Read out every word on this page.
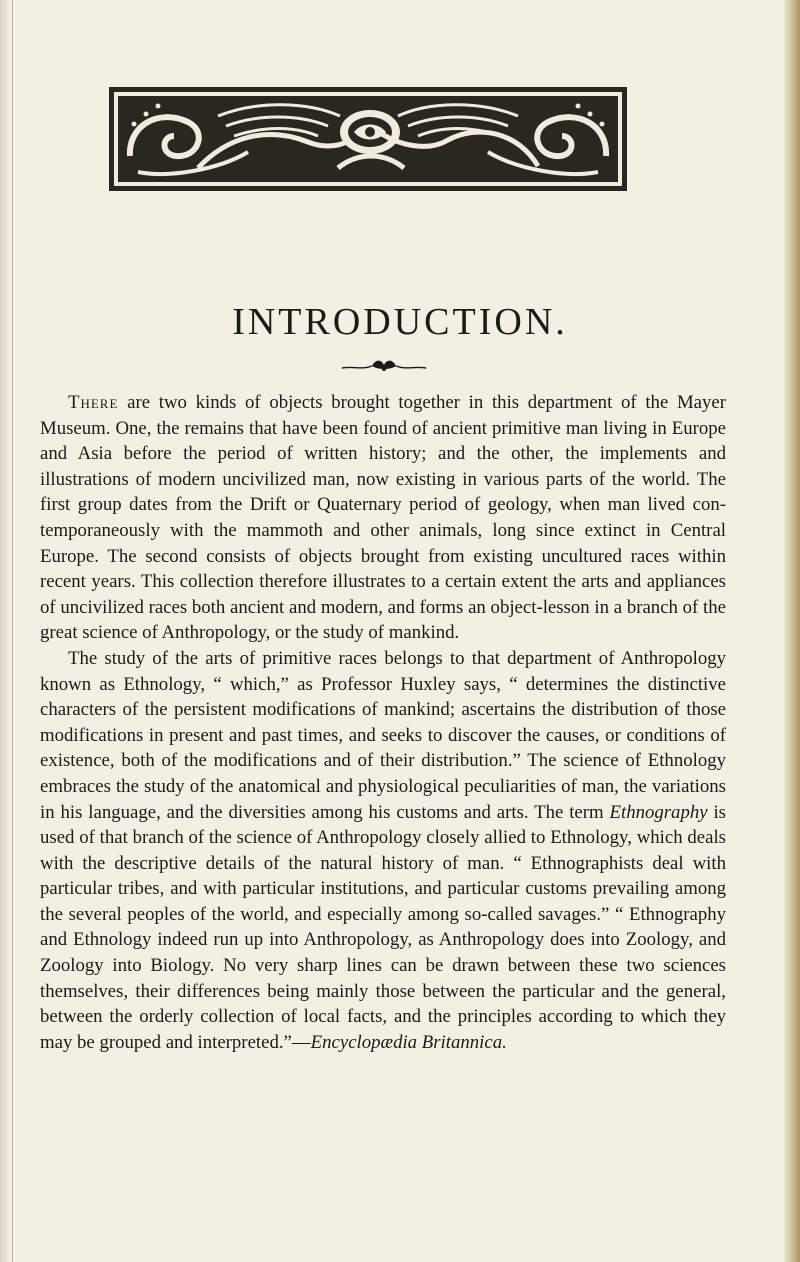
INTRODUCTION.

There are two kinds of objects brought together in this department of the Mayer Museum. One, the remains that have been found of ancient primitive man living in Europe and Asia before the period of written history; and the other, the implements and illustrations of modern uncivilized man, now existing in various parts of the world. The first group dates from the Drift or Quaternary period of geology, when man lived contemporaneously with the mammoth and other animals, long since extinct in Central Europe. The second consists of objects brought from existing uncultured races within recent years. This collection therefore illustrates to a certain extent the arts and appliances of uncivilized races both ancient and modern, and forms an object-lesson in a branch of the great science of Anthropology, or the study of mankind.

The study of the arts of primitive races belongs to that department of Anthropology known as Ethnology, “ which,” as Professor Huxley says, “ determines the distinctive characters of the persistent modifications of mankind; ascertains the distribution of those modifications in present and past times, and seeks to discover the causes, or conditions of existence, both of the modifications and of their distribution.” The science of Ethnology embraces the study of the anatomical and physiological peculiarities of man, the variations in his language, and the diversities among his customs and arts. The term Ethnography is used of that branch of the science of Anthropology closely allied to Ethnology, which deals with the descriptive details of the natural history of man. “ Ethnographists deal with particular tribes, and with particular institutions, and particular customs prevailing among the several peoples of the world, and especially among so-called savages.” “ Ethnography and Ethnology indeed run up into Anthropology, as Anthropology does into Zoology, and Zoology into Biology. No very sharp lines can be drawn between these two sciences themselves, their differences being mainly those between the particular and the general, between the orderly collection of local facts, and the principles according to which they may be grouped and interpreted.”—Encyclopædia Britannica.
